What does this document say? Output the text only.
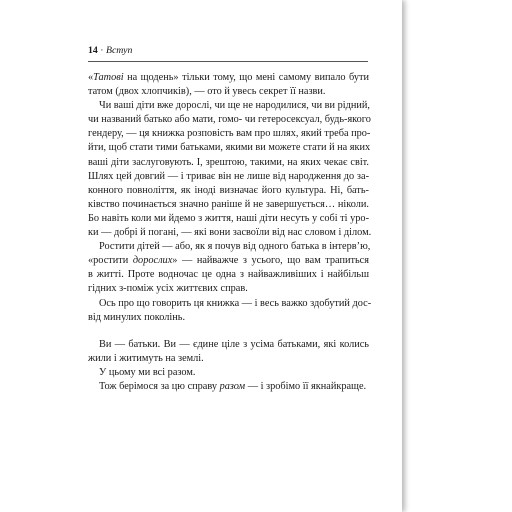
14 · Вступ
«Татові на щодень» тільки тому, що мені самому випало бути
татом (двох хлопчиків), — ото й увесь секрет її назви.
Чи ваші діти вже дорослі, чи ще не народилися, чи ви рідний,
чи названий батько або мати, гомо- чи гетеросексуал, будь-якого
гендеру, — ця книжка розповість вам про шлях, який треба про-
йти, щоб стати тими батьками, якими ви можете стати й на яких
ваші діти заслуговують. І, зрештою, такими, на яких чекає світ.
Шлях цей довгий — і триває він не лише від народження до за-
конного повноліття, як іноді визначає його культура. Ні, бать-
ківство починається значно раніше й не завершується… ніколи.
Бо навіть коли ми йдемо з життя, наші діти несуть у собі ті уро-
ки — добрі й погані, — які вони засвоїли від нас словом і ділом.
Ростити дітей — або, як я почув від одного батька в інтерв’ю,
«ростити дорослих» — найважче з усього, що вам трапиться
в житті. Проте водночас це одна з найважливіших і найбільш
гідних з-поміж усіх життєвих справ.
Ось про що говорить ця книжка — і весь важко здобутий дос-
від минулих поколінь.
Ви — батьки. Ви — єдине ціле з усіма батьками, які колись
жили і житимуть на землі.
У цьому ми всі разом.
Тож берімося за цю справу разом — і зробімо її якнайкраще.
